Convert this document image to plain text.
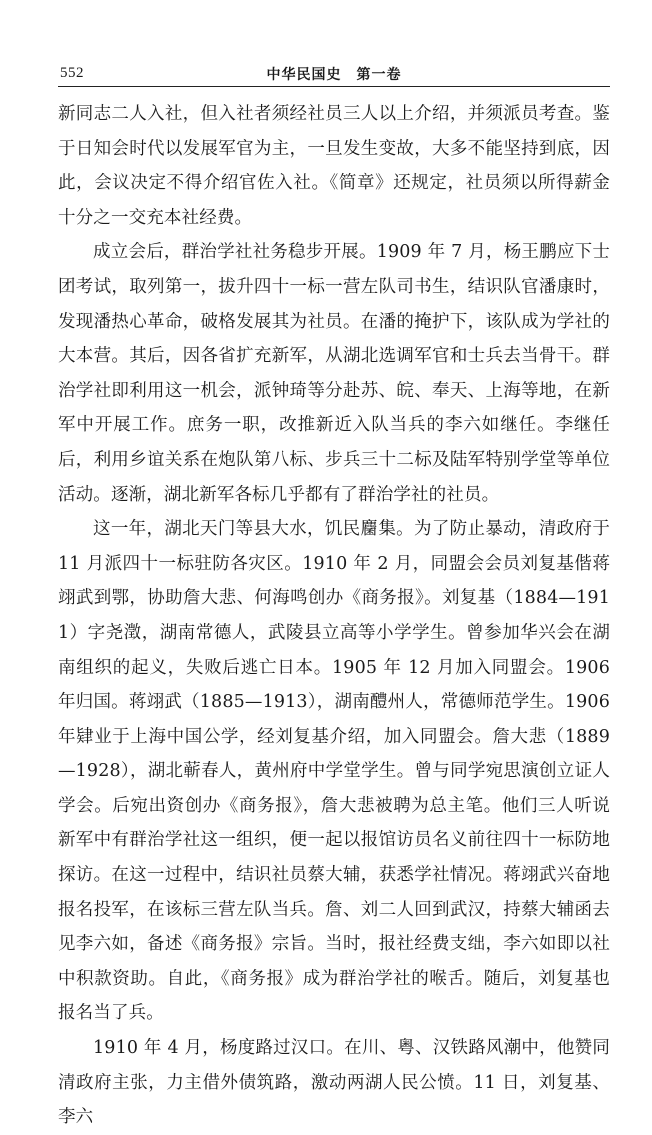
552	中华民国史　第一卷

新同志二人入社，但入社者须经社员三人以上介绍，并须派员考查。鉴于日知会时代以发展军官为主，一旦发生变故，大多不能坚持到底，因此，会议决定不得介绍官佐入社。《简章》还规定，社员须以所得薪金十分之一交充本社经费。

成立会后，群治学社社务稳步开展。1909 年 7 月，杨王鹏应下士团考试，取列第一，拔升四十一标一营左队司书生，结识队官潘康时，发现潘热心革命，破格发展其为社员。在潘的掩护下，该队成为学社的大本营。其后，因各省扩充新军，从湖北选调军官和士兵去当骨干。群治学社即利用这一机会，派钟琦等分赴苏、皖、奉天、上海等地，在新军中开展工作。庶务一职，改推新近入队当兵的李六如继任。李继任后，利用乡谊关系在炮队第八标、步兵三十二标及陆军特别学堂等单位活动。逐渐，湖北新军各标几乎都有了群治学社的社员。

这一年，湖北天门等县大水，饥民麕集。为了防止暴动，清政府于 11 月派四十一标驻防各灾区。1910 年 2 月，同盟会会员刘复基偕蒋翊武到鄂，协助詹大悲、何海鸣创办《商务报》。刘复基（1884—1911）字尧澂，湖南常德人，武陵县立高等小学学生。曾参加华兴会在湖南组织的起义，失败后逃亡日本。1905 年 12 月加入同盟会。1906 年归国。蒋翊武（1885—1913），湖南醴州人，常德师范学生。1906 年肄业于上海中国公学，经刘复基介绍，加入同盟会。詹大悲（1889—1928），湖北蕲春人，黄州府中学堂学生。曾与同学宛思演创立证人学会。后宛出资创办《商务报》，詹大悲被聘为总主笔。他们三人听说新军中有群治学社这一组织，便一起以报馆访员名义前往四十一标防地探访。在这一过程中，结识社员蔡大辅，获悉学社情况。蒋翊武兴奋地报名投军，在该标三营左队当兵。詹、刘二人回到武汉，持蔡大辅函去见李六如，备述《商务报》宗旨。当时，报社经费支绌，李六如即以社中积款资助。自此，《商务报》成为群治学社的喉舌。随后，刘复基也报名当了兵。

1910 年 4 月，杨度路过汉口。在川、粤、汉铁路风潮中，他赞同清政府主张，力主借外债筑路，激动两湖人民公愤。11 日，刘复基、李六
